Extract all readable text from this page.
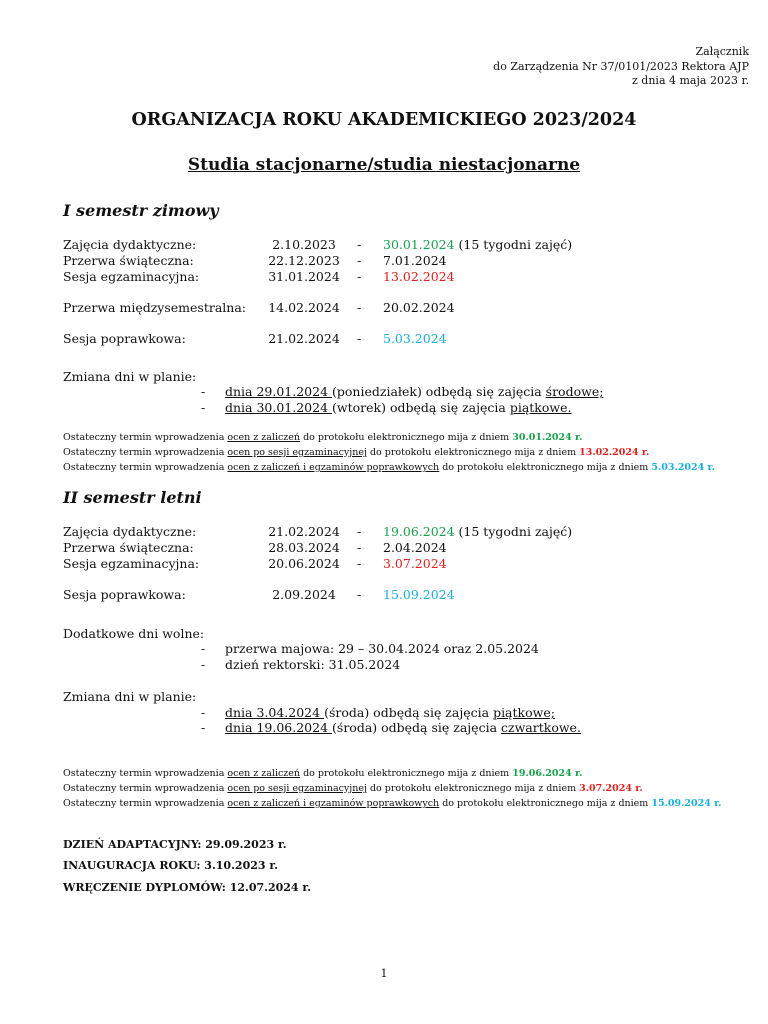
Załącznik
do Zarządzenia Nr 37/0101/2023 Rektora AJP
z dnia 4 maja 2023 r.
ORGANIZACJA ROKU AKADEMICKIEGO 2023/2024
Studia stacjonarne/studia niestacjonarne
I semestr zimowy
Zajęcia dydaktyczne:	2.10.2023	- 30.01.2024 (15 tygodni zajęć)
Przerwa świąteczna:	22.12.2023	- 7.01.2024
Sesja egzaminacyjna:	31.01.2024	- 13.02.2024
Przerwa międzysemestralna:	14.02.2024	- 20.02.2024
Sesja poprawkowa:	21.02.2024	- 5.03.2024
Zmiana dni w planie:
- dnia 29.01.2024 (poniedziałek) odbędą się zajęcia środowe;
- dnia 30.01.2024 (wtorek) odbędą się zajęcia piątkowe.
Ostateczny termin wprowadzenia ocen z zaliczeń do protokołu elektronicznego mija z dniem 30.01.2024 r.
Ostateczny termin wprowadzenia ocen po sesji egzaminacyjnej do protokołu elektronicznego mija z dniem 13.02.2024 r.
Ostateczny termin wprowadzenia ocen z zaliczeń i egzaminów poprawkowych do protokołu elektronicznego mija z dniem 5.03.2024 r.
II semestr letni
Zajęcia dydaktyczne:	21.02.2024	- 19.06.2024 (15 tygodni zajęć)
Przerwa świąteczna:	28.03.2024	- 2.04.2024
Sesja egzaminacyjna:	20.06.2024	- 3.07.2024
Sesja poprawkowa:	2.09.2024	- 15.09.2024
Dodatkowe dni wolne:
- przerwa majowa: 29 – 30.04.2024 oraz 2.05.2024
- dzień rektorski: 31.05.2024
Zmiana dni w planie:
- dnia 3.04.2024 (środa) odbędą się zajęcia piątkowe;
- dnia 19.06.2024 (środa) odbędą się zajęcia czwartkowe.
Ostateczny termin wprowadzenia ocen z zaliczeń do protokołu elektronicznego mija z dniem 19.06.2024 r.
Ostateczny termin wprowadzenia ocen po sesji egzaminacyjnej do protokołu elektronicznego mija z dniem 3.07.2024 r.
Ostateczny termin wprowadzenia ocen z zaliczeń i egzaminów poprawkowych do protokołu elektronicznego mija z dniem 15.09.2024 r.
DZIEŃ ADAPTACYJNY: 29.09.2023 r.
INAUGURACJA ROKU: 3.10.2023 r.
WRĘCZENIE DYPLOMÓW: 12.07.2024 r.
1
